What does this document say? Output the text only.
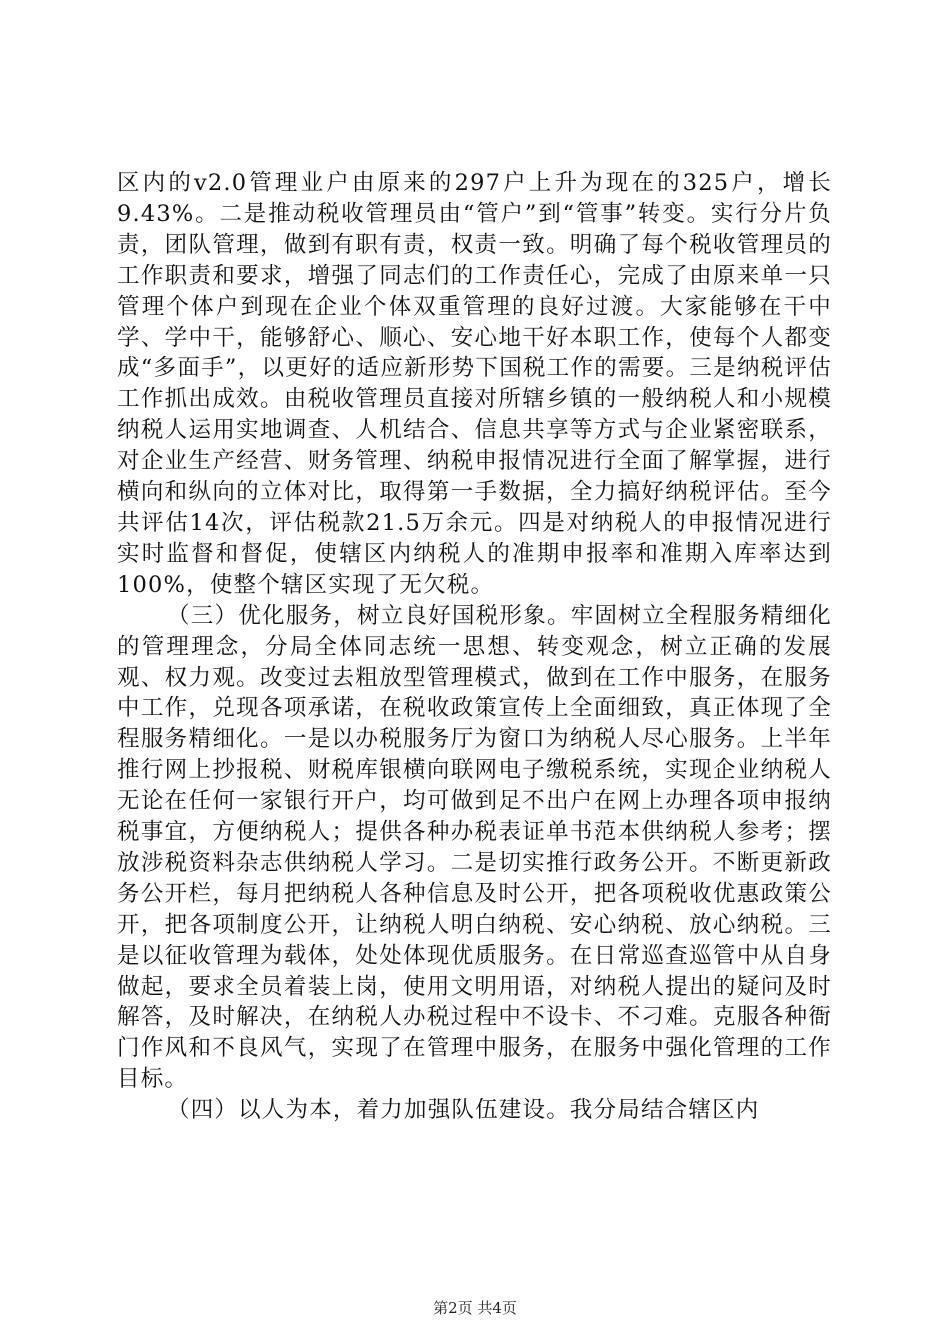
区内的v2.0管理业户由原来的297户上升为现在的325户，增长9.43%。二是推动税收管理员由“管户”到“管事”转变。实行分片负责，团队管理，做到有职有责，权责一致。明确了每个税收管理员的工作职责和要求，增强了同志们的工作责任心，完成了由原来单一只管理个体户到现在企业个体双重管理的良好过渡。大家能够在干中学、学中干，能够舒心、顺心、安心地干好本职工作，使每个人都变成“多面手”，以更好的适应新形势下国税工作的需要。三是纳税评估工作抓出成效。由税收管理员直接对所辖乡镇的一般纳税人和小规模纳税人运用实地调查、人机结合、信息共享等方式与企业紧密联系，对企业生产经营、财务管理、纳税申报情况进行全面了解掌握，进行横向和纵向的立体对比，取得第一手数据，全力搞好纳税评估。至今共评估14次，评估税款21.5万余元。四是对纳税人的申报情况进行实时监督和督促，使辖区内纳税人的准期申报率和准期入库率达到100%，使整个辖区实现了无欠税。

（三）优化服务，树立良好国税形象。牢固树立全程服务精细化的管理理念，分局全体同志统一思想、转变观念，树立正确的发展观、权力观。改变过去粗放型管理模式，做到在工作中服务，在服务中工作，兑现各项承诺，在税收政策宣传上全面细致，真正体现了全程服务精细化。一是以办税服务厅为窗口为纳税人尽心服务。上半年推行网上抄报税、财税库银横向联网电子缴税系统，实现企业纳税人无论在任何一家银行开户，均可做到足不出户在网上办理各项申报纳税事宜，方便纳税人；提供各种办税表证单书范本供纳税人参考；摆放涉税资料杂志供纳税人学习。二是切实推行政务公开。不断更新政务公开栏，每月把纳税人各种信息及时公开，把各项税收优惠政策公开，把各项制度公开，让纳税人明白纳税、安心纳税、放心纳税。三是以征收管理为载体，处处体现优质服务。在日常巡查巡管中从自身做起，要求全员着装上岗，使用文明用语，对纳税人提出的疑问及时解答，及时解决，在纳税人办税过程中不设卡、不刁难。克服各种衙门作风和不良风气，实现了在管理中服务，在服务中强化管理的工作目标。

（四）以人为本，着力加强队伍建设。我分局结合辖区内

第2页 共4页
